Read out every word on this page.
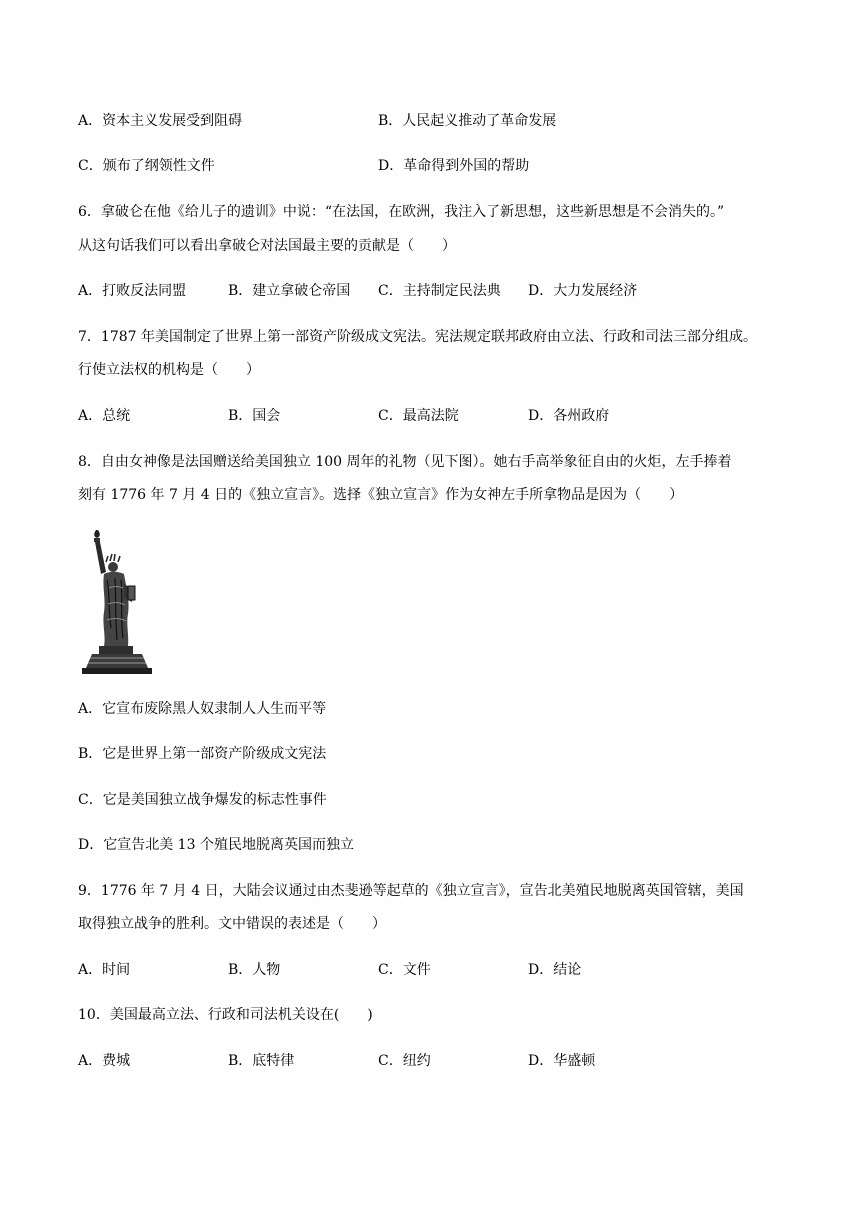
A．资本主义发展受到阻碍	B．人民起义推动了革命发展
C．颁布了纲领性文件	D．革命得到外国的帮助
6．拿破仑在他《给儿子的遗训》中说：“在法国，在欧洲，我注入了新思想，这些新思想是不会消失的。”
从这句话我们可以看出拿破仑对法国最主要的贡献是（　　）
A．打败反法同盟	B．建立拿破仑帝国 C．主持制定民法典 D．大力发展经济
7．1787 年美国制定了世界上第一部资产阶级成文宪法。宪法规定联邦政府由立法、行政和司法三部分组成。
行使立法权的机构是（　　）
A．总统	B．国会	C．最高法院	D．各州政府
8．自由女神像是法国赠送给美国独立 100 周年的礼物（见下图）。她右手高举象征自由的火炬，左手捧着
刻有 1776 年 7 月 4 日的《独立宣言》。选择《独立宣言》作为女神左手所拿物品是因为（　　）
A．它宣布废除黑人奴隶制人人生而平等
B．它是世界上第一部资产阶级成文宪法
C．它是美国独立战争爆发的标志性事件
D．它宣告北美 13 个殖民地脱离英国而独立
9．1776 年 7 月 4 日，大陆会议通过由杰斐逊等起草的《独立宣言》，宣告北美殖民地脱离英国管辖，美国
取得独立战争的胜利。文中错误的表述是（　　）
A．时间	B．人物	C．文件	D．结论
10．美国最高立法、行政和司法机关设在(　　)
A．费城	B．底特律	C．纽约	D．华盛顿
